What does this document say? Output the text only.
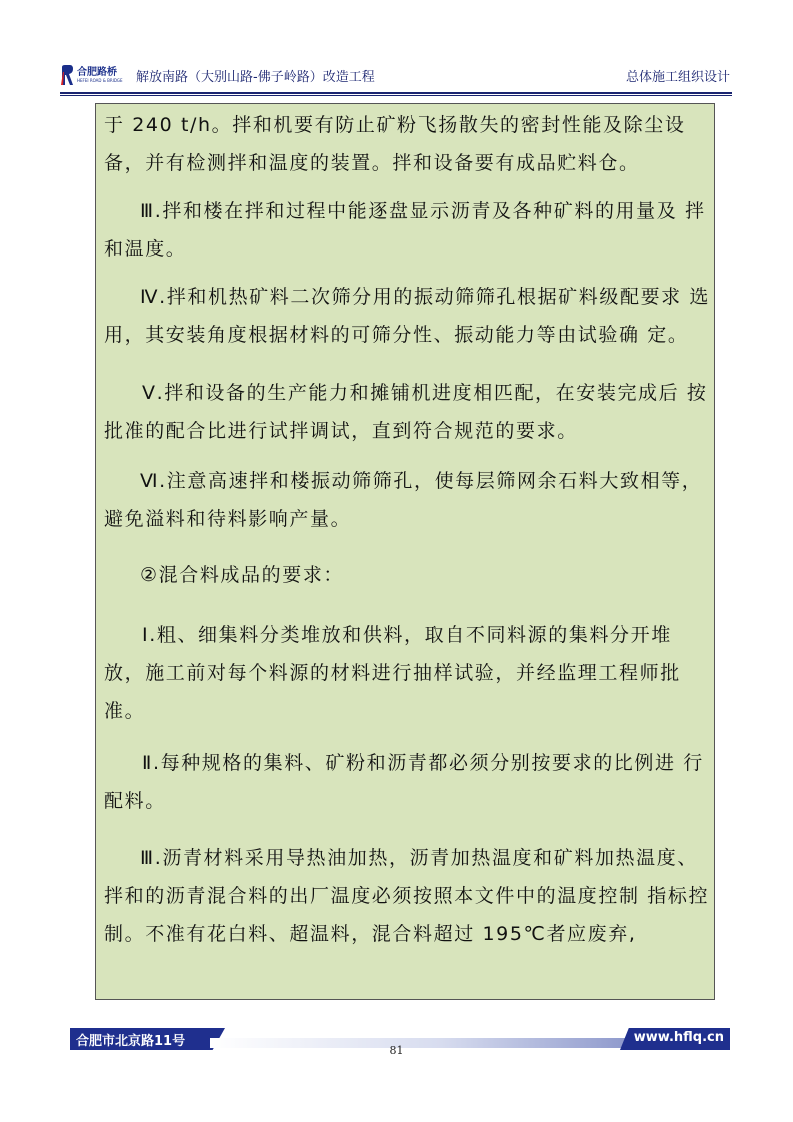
合肥路桥
HEFEI ROAD & BRIDGE 解放南路（大别山路-佛子岭路）改造工程	总体施工组织设计
于 240 t/h。拌和机要有防止矿粉飞扬散失的密封性能及除尘设备，并有检测拌和温度的装置。拌和设备要有成品贮料仓。
Ⅲ.拌和楼在拌和过程中能逐盘显示沥青及各种矿料的用量及 拌和温度。
Ⅳ.拌和机热矿料二次筛分用的振动筛筛孔根据矿料级配要求 选用，其安装角度根据材料的可筛分性、振动能力等由试验确 定。
Ⅴ.拌和设备的生产能力和摊铺机进度相匹配，在安装完成后 按批准的配合比进行试拌调试，直到符合规范的要求。
Ⅵ.注意高速拌和楼振动筛筛孔，使每层筛网余石料大致相等，避免溢料和待料影响产量。
②混合料成品的要求：
Ⅰ.粗、细集料分类堆放和供料，取自不同料源的集料分开堆放，施工前对每个料源的材料进行抽样试验，并经监理工程师批准。
Ⅱ.每种规格的集料、矿粉和沥青都必须分别按要求的比例进 行配料。
Ⅲ.沥青材料采用导热油加热，沥青加热温度和矿料加热温度、拌和的沥青混合料的出厂温度必须按照本文件中的温度控制 指标控制。不准有花白料、超温料，混合料超过 195℃者应废弃,
合肥市北京路11号	www.hflq.cn
81
